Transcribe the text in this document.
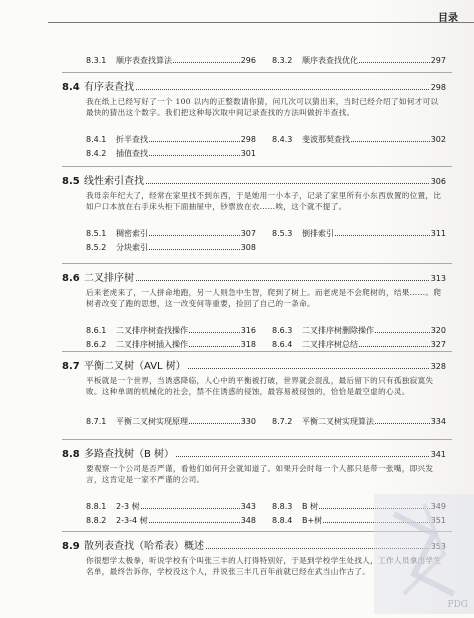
目录
8.3.1	顺序表查找算法	296 8.3.2	顺序表查找优化	297
8.4 有序表查找	298
我在纸上已经写好了一个 100 以内的正整数请你猜，问几次可以猜出来，当时已经介绍了如何才可以最快的猜出这个数字。我们把这种每次取中间记录查找的方法叫做折半查找。
8.4.1	折半查找	298 8.4.3	斐波那契查找	302
8.4.2	插值查找	301
8.5 线性索引查找	306
我母亲年纪大了，经常在家里找不到东西，于是她用一小本子，记录了家里所有小东西放置的位置，比如户口本放在右手床头柜下面抽屉中，钞票放在衣……唉，这个就不提了。
8.5.1	稠密索引	307 8.5.3	倒排索引	311
8.5.2	分块索引	308
8.6 二叉排序树	313
后来老虎来了，一人拼命地跑，另一人则急中生智，爬到了树上。而老虎是不会爬树的，结果……。爬树者改变了跑的思想，这一改变何等重要，捡回了自己的一条命。
8.6.1	二叉排序树查找操作	316 8.6.3	二叉排序树删除操作	320
8.6.2	二叉排序树插入操作	318 8.6.4	二叉排序树总结	327
8.7 平衡二叉树（AVL 树）	328
平板就是一个世界，当诱惑降临，人心中的平衡被打破，世界就会混乱，最后留下的只有孤独寂寞失败。这种单调的机械化的社会，禁不住诱惑的侵蚀，最容易被侵蚀的，恰恰是最空虚的心灵。
8.7.1	平衡二叉树实现原理	330 8.7.2	平衡二叉树实现算法	334
8.8 多路查找树（B 树）	341
要观察一个公司是否严谨，看他们如何开会就知道了。如果开会时每一个人都只是带一张嘴，即兴发言，这肯定是一家不严谨的公司。
8.8.1	2-3 树	343 8.8.3	B 树	349
8.8.2	2-3-4 树	348 8.8.4	B+树	351
8.9 散列表查找（哈希表）概述	353
你很想学太极拳，听说学校有个叫张三丰的人打得特别好，于是到学校学生处找人，工作人员拿出学生名单，最终告诉你，学校没这个人，并说张三丰几百年前就已经在武当山作古了。
PDG
